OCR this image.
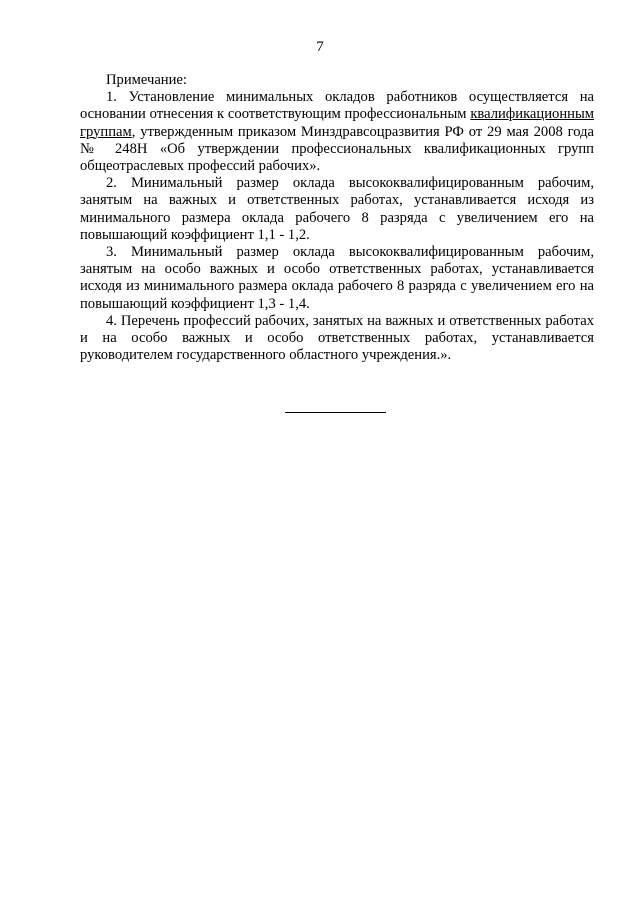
7

Примечание:

1. Установление минимальных окладов работников осуществляется на основании отнесения к соответствующим профессиональным квалификационным группам, утвержденным приказом Минздравсоцразвития РФ от 29 мая 2008 года № 248Н «Об утверждении профессиональных квалификационных групп общеотраслевых профессий рабочих».

2. Минимальный размер оклада высококвалифицированным рабочим, занятым на важных и ответственных работах, устанавливается исходя из минимального размера оклада рабочего 8 разряда с увеличением его на повышающий коэффициент 1,1 - 1,2.

3. Минимальный размер оклада высококвалифицированным рабочим, занятым на особо важных и особо ответственных работах, устанавливается исходя из минимального размера оклада рабочего 8 разряда с увеличением его на повышающий коэффициент 1,3 - 1,4.

4. Перечень профессий рабочих, занятых на важных и ответственных работах и на особо важных и особо ответственных работах, устанавливается руководителем государственного областного учреждения.».
